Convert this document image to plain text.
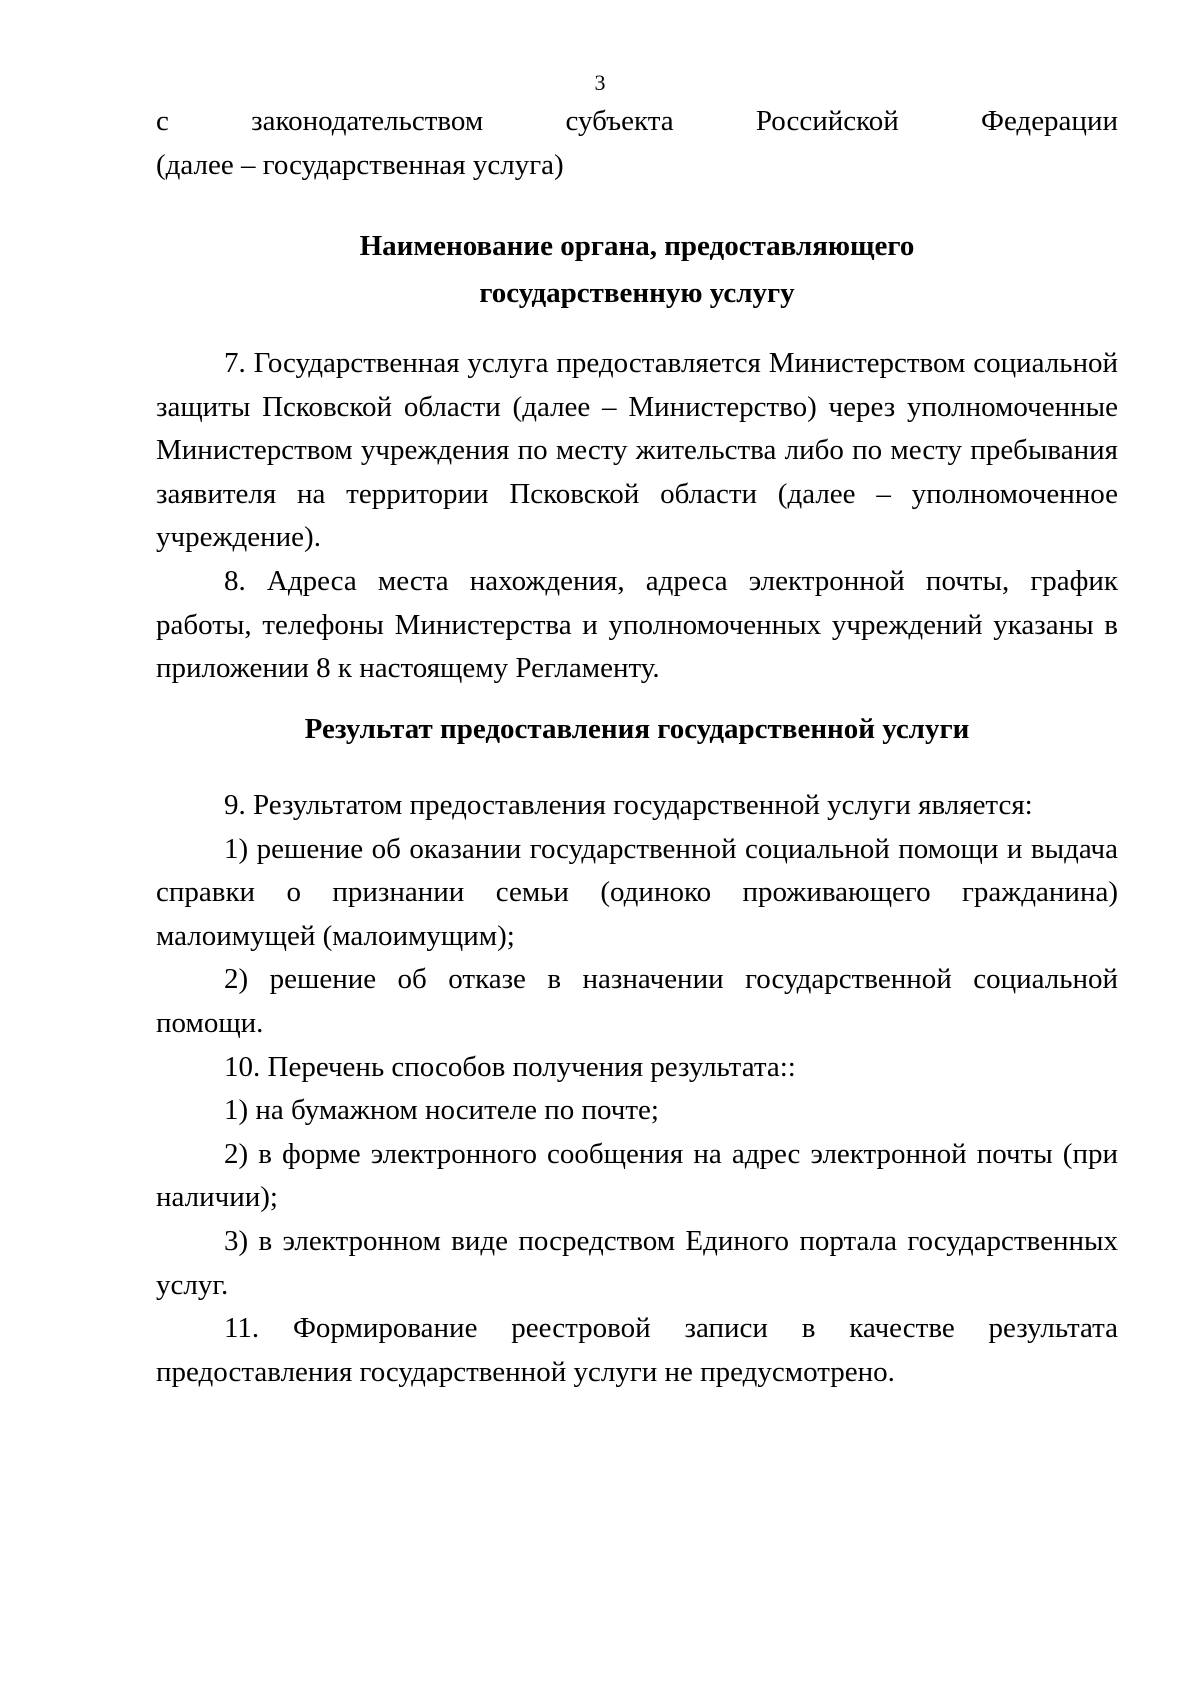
3

с законодательством субъекта Российской Федерации

(далее – государственная услуга)

Наименование органа, предоставляющего
государственную услугу

7. Государственная услуга предоставляется Министерством социальной защиты Псковской области (далее – Министерство) через уполномоченные Министерством учреждения по месту жительства либо по месту пребывания заявителя на территории Псковской области (далее – уполномоченное учреждение).

8. Адреса места нахождения, адреса электронной почты, график работы, телефоны Министерства и уполномоченных учреждений указаны в приложении 8 к настоящему Регламенту.

Результат предоставления государственной услуги

9. Результатом предоставления государственной услуги является:

1) решение об оказании государственной социальной помощи и выдача справки о признании семьи (одиноко проживающего гражданина) малоимущей (малоимущим);

2) решение об отказе в назначении государственной социальной помощи.

10. Перечень способов получения результата::

1) на бумажном носителе по почте;

2) в форме электронного сообщения на адрес электронной почты (при наличии);

3) в электронном виде посредством Единого портала государственных услуг.

11. Формирование реестровой записи в качестве результата предоставления государственной услуги не предусмотрено.
